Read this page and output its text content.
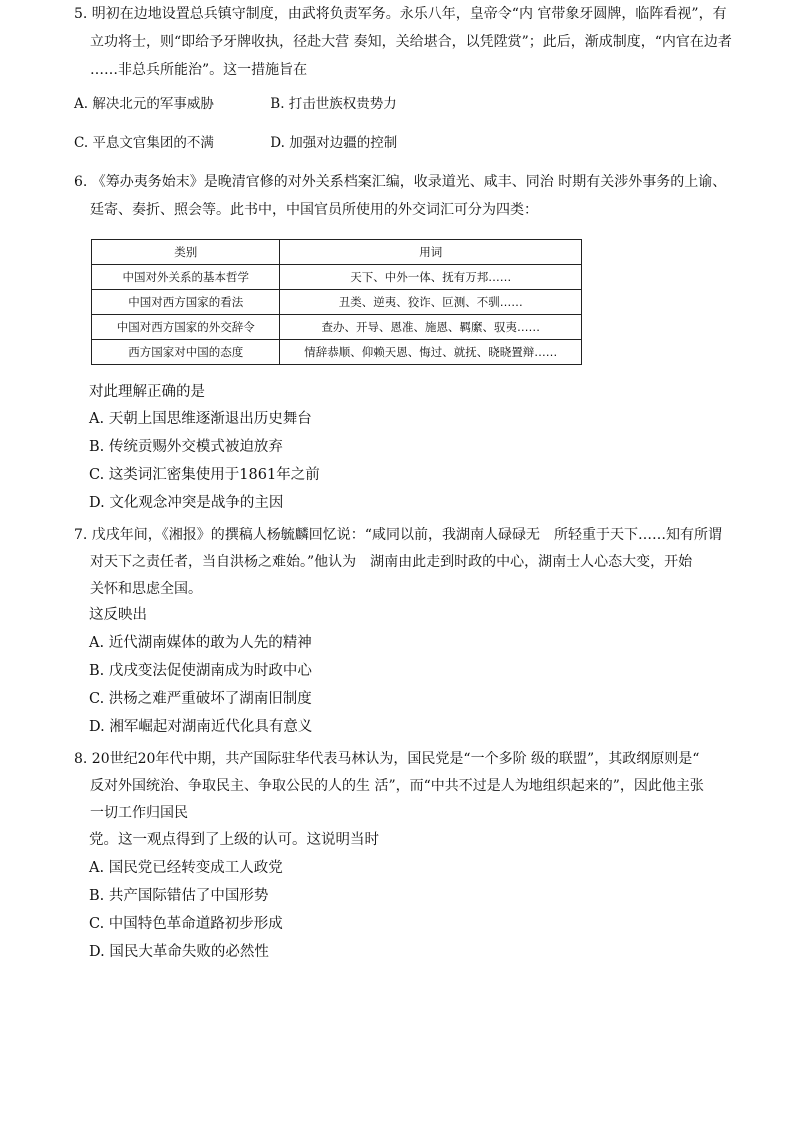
5. 明初在边地设置总兵镇守制度，由武将负责军务。永乐八年，皇帝令“内 官带象牙圆牌，临阵看视”，有
立功将士，则“即给予牙牌收执，径赴大营 奏知，关给堪合，以凭陞赏”；此后，渐成制度，“内官在边者
……非总兵所能治”。这一措施旨在
A. 解决北元的军事威胁	B. 打击世族权贵势力
C. 平息文官集团的不满	D. 加强对边疆的控制
6. 《筹办夷务始末》是晚清官修的对外关系档案汇编，收录道光、咸丰、同治 时期有关涉外事务的上谕、
廷寄、奏折、照会等。此书中，中国官员所使用的外交词汇可分为四类：
类别	用词
中国对外关系的基本哲学	天下、中外一体、抚有万邦……
中国对西方国家的看法	丑类、逆夷、狡诈、叵测、不驯……
中国对西方国家的外交辞令	查办、开导、恩准、施恩、羁縻、驭夷……
西方国家对中国的态度	情辞恭顺、仰赖天恩、悔过、就抚、晓晓置辩……
对此理解正确的是
A. 天朝上国思维逐渐退出历史舞台
B. 传统贡赐外交模式被迫放弃
C. 这类词汇密集使用于1861年之前
D. 文化观念冲突是战争的主因
7. 戊戌年间，《湘报》的撰稿人杨毓麟回忆说：“咸同以前，我湖南人碌碌无　所轻重于天下……知有所谓
对天下之责任者，当自洪杨之难始。”他认为　湖南由此走到时政的中心，湖南士人心态大变，开始
关怀和思虑全国。
这反映出
A. 近代湖南媒体的敢为人先的精神
B. 戊戌变法促使湖南成为时政中心
C. 洪杨之难严重破坏了湖南旧制度
D. 湘军崛起对湖南近代化具有意义
8. 20世纪20年代中期，共产国际驻华代表马林认为，国民党是“一个多阶 级的联盟”，其政纲原则是“
反对外国统治、争取民主、争取公民的人的生 活”，而“中共不过是人为地组织起来的”，因此他主张
一切工作归国民
党。这一观点得到了上级的认可。这说明当时
A. 国民党已经转变成工人政党
B. 共产国际错估了中国形势
C. 中国特色革命道路初步形成
D. 国民大革命失败的必然性
